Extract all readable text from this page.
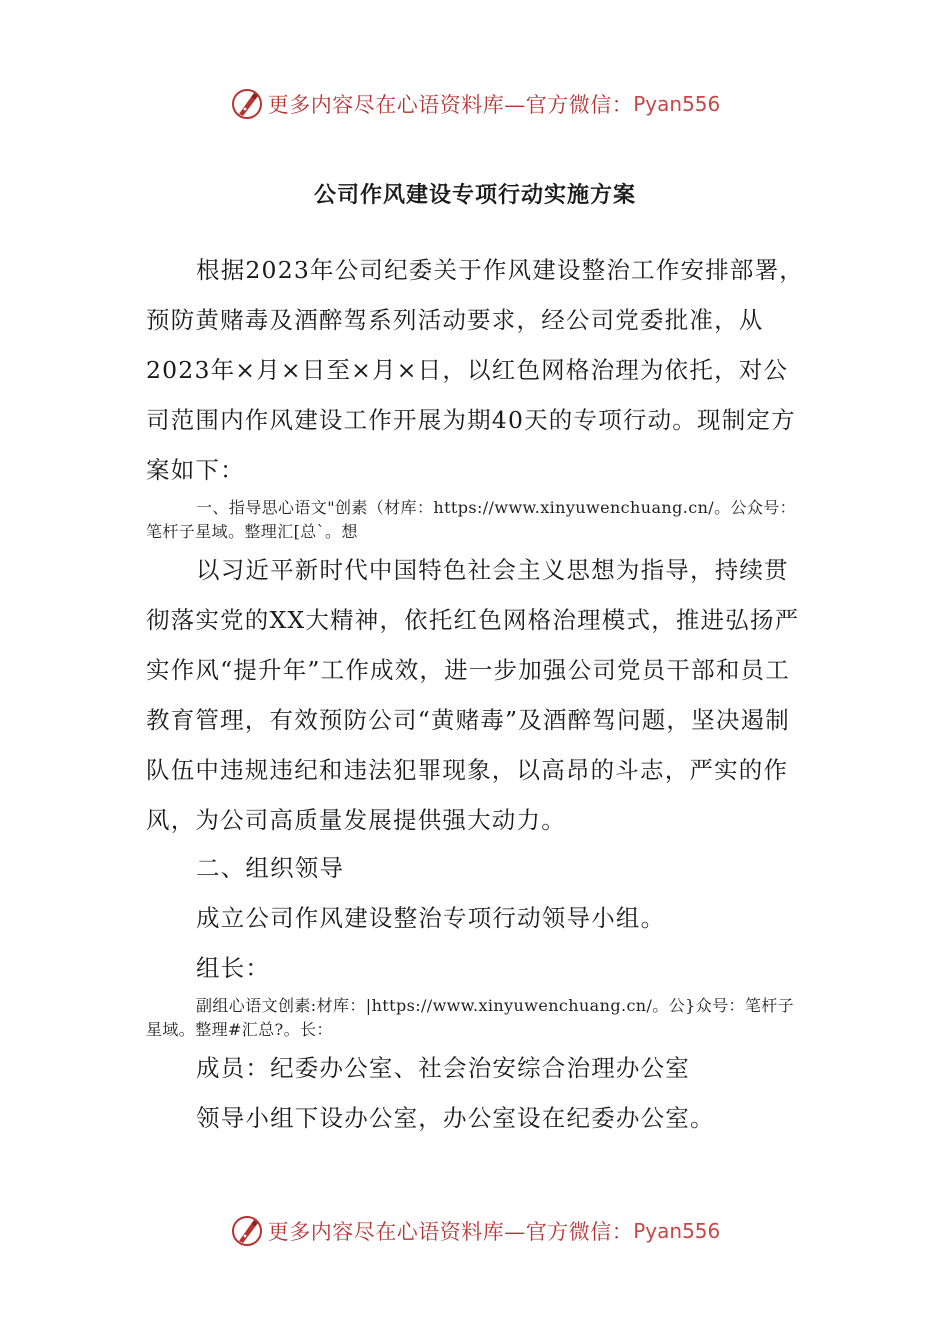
更多内容尽在心语资料库—官方微信： Pyan556
公司作风建设专项行动实施方案

根据2023年公司纪委关于作风建设整治工作安排部署，预防黄赌毒及酒醉驾系列活动要求，经公司党委批准，从2023年×月×日至×月×日，以红色网格治理为依托，对公司范围内作风建设工作开展为期40天的专项行动。现制定方案如下：

一、指导思心语文"创素（材库：https://www.xinyuwenchuang.cn/。公众号：笔杆子星域。整理汇[总`。想

以习近平新时代中国特色社会主义思想为指导，持续贯彻落实党的XX大精神，依托红色网格治理模式，推进弘扬严实作风“提升年”工作成效，进一步加强公司党员干部和员工教育管理，有效预防公司“黄赌毒”及酒醉驾问题，坚决遏制队伍中违规违纪和违法犯罪现象，以高昂的斗志，严实的作风，为公司高质量发展提供强大动力。

二、组织领导

成立公司作风建设整治专项行动领导小组。

组长：

副组心语文创素:材库：|https://www.xinyuwenchuang.cn/。公}众号：笔杆子星域。整理#汇总?。长：

成员：纪委办公室、社会治安综合治理办公室

领导小组下设办公室，办公室设在纪委办公室。

更多内容尽在心语资料库—官方微信： Pyan556
